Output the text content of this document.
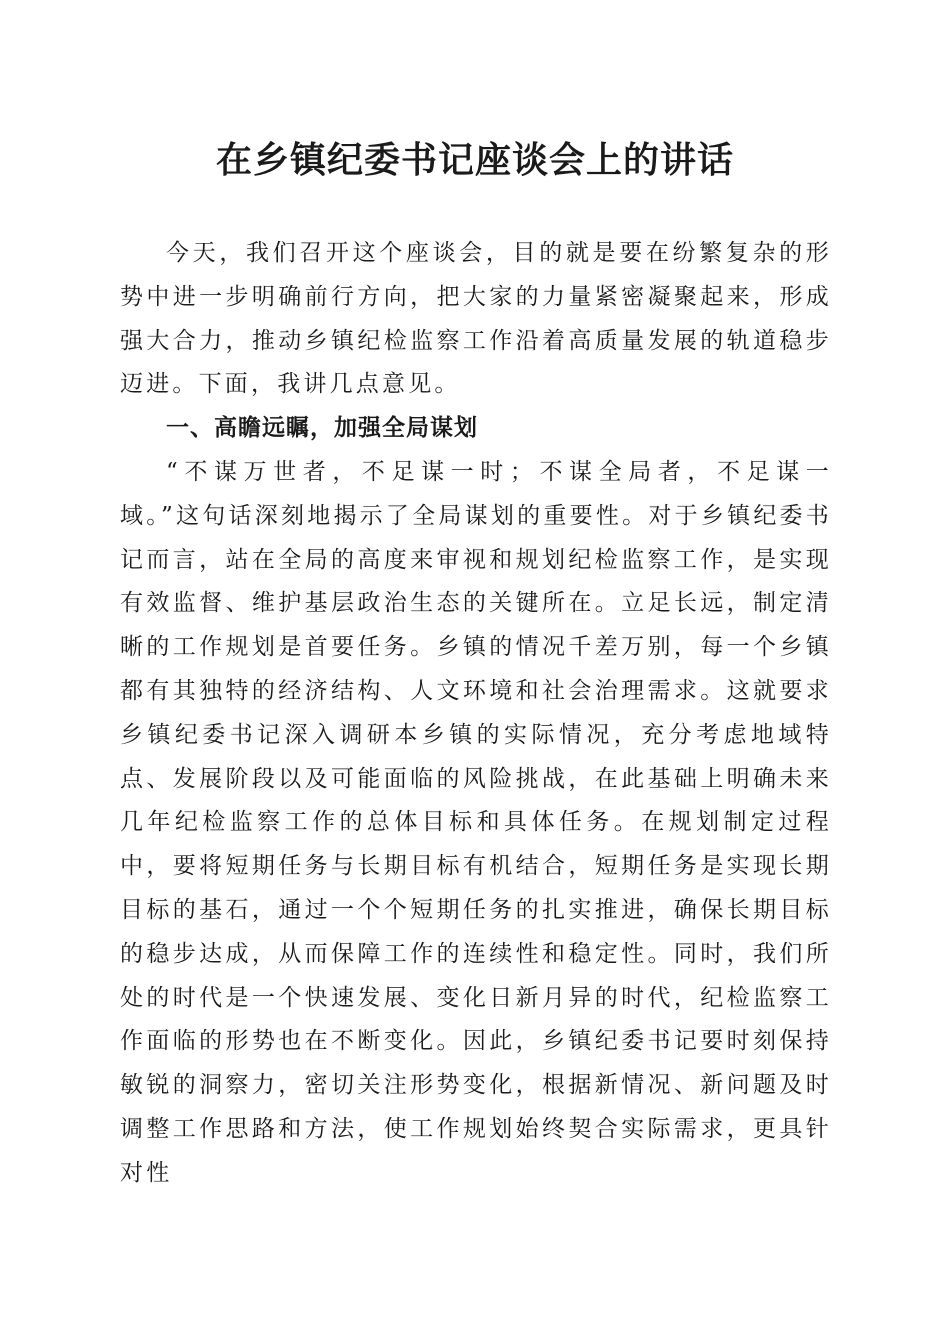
在乡镇纪委书记座谈会上的讲话

今天，我们召开这个座谈会，目的就是要在纷繁复杂的形势中进一步明确前行方向，把大家的力量紧密凝聚起来，形成强大合力，推动乡镇纪检监察工作沿着高质量发展的轨道稳步迈进。下面，我讲几点意见。

一、高瞻远瞩，加强全局谋划

“不谋万世者，不足谋一时；不谋全局者，不足谋一域。”这句话深刻地揭示了全局谋划的重要性。对于乡镇纪委书记而言，站在全局的高度来审视和规划纪检监察工作，是实现有效监督、维护基层政治生态的关键所在。立足长远，制定清晰的工作规划是首要任务。乡镇的情况千差万别，每一个乡镇都有其独特的经济结构、人文环境和社会治理需求。这就要求乡镇纪委书记深入调研本乡镇的实际情况，充分考虑地域特点、发展阶段以及可能面临的风险挑战，在此基础上明确未来几年纪检监察工作的总体目标和具体任务。在规划制定过程中，要将短期任务与长期目标有机结合，短期任务是实现长期目标的基石，通过一个个短期任务的扎实推进，确保长期目标的稳步达成，从而保障工作的连续性和稳定性。同时，我们所处的时代是一个快速发展、变化日新月异的时代，纪检监察工作面临的形势也在不断变化。因此，乡镇纪委书记要时刻保持敏锐的洞察力，密切关注形势变化，根据新情况、新问题及时调整工作思路和方法，使工作规划始终契合实际需求，更具针对性
